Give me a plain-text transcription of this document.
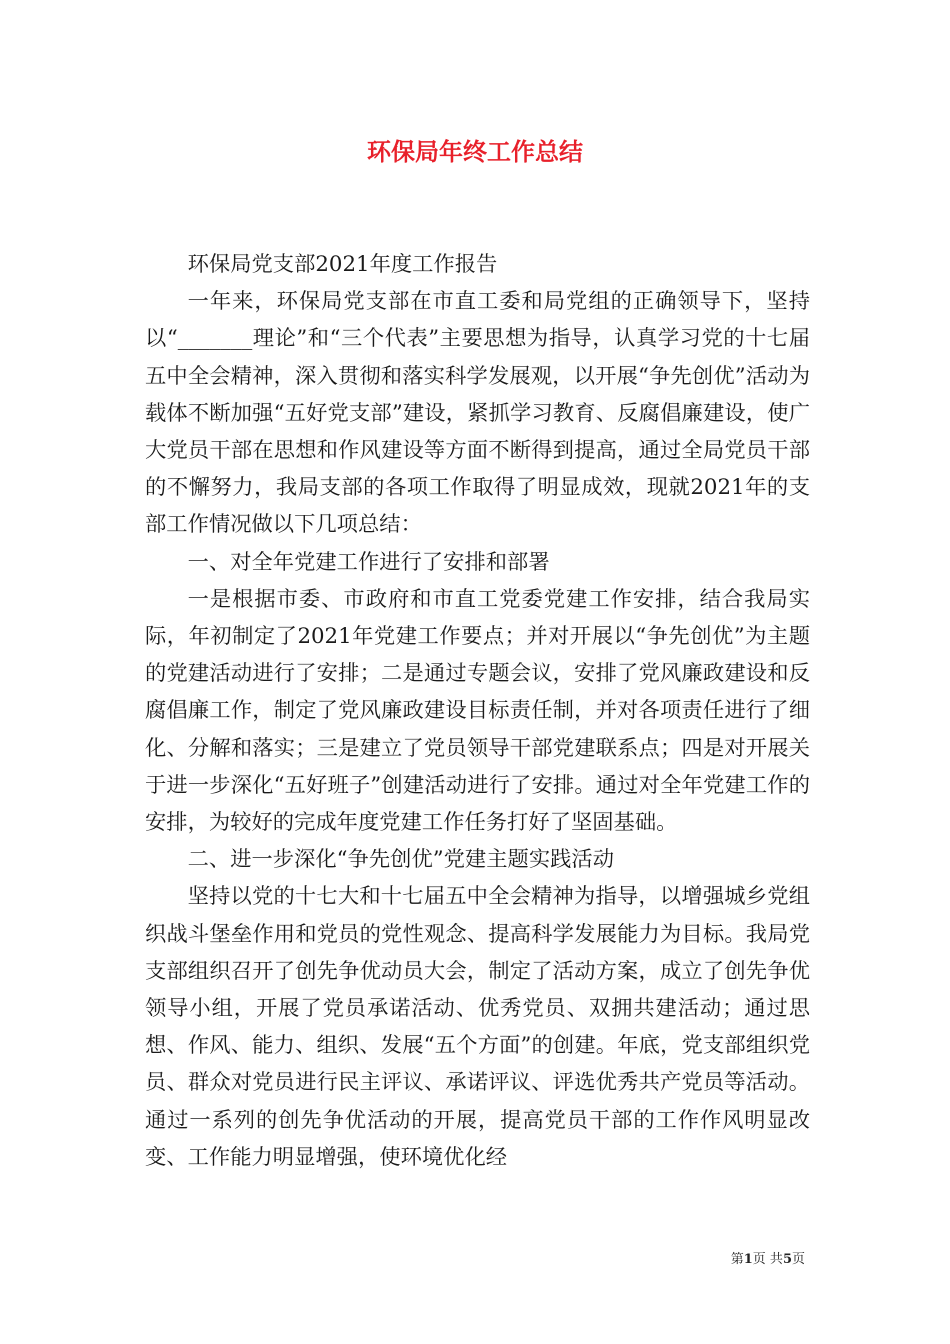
环保局年终工作总结

环保局党支部2021年度工作报告

一年来，环保局党支部在市直工委和局党组的正确领导下，坚持以“_______理论”和“三个代表”主要思想为指导，认真学习党的十七届五中全会精神，深入贯彻和落实科学发展观，以开展“争先创优”活动为载体不断加强“五好党支部”建设，紧抓学习教育、反腐倡廉建设，使广大党员干部在思想和作风建设等方面不断得到提高，通过全局党员干部的不懈努力，我局支部的各项工作取得了明显成效，现就2021年的支部工作情况做以下几项总结：

一、对全年党建工作进行了安排和部署

一是根据市委、市政府和市直工党委党建工作安排，结合我局实际，年初制定了2021年党建工作要点；并对开展以“争先创优”为主题的党建活动进行了安排；二是通过专题会议，安排了党风廉政建设和反腐倡廉工作，制定了党风廉政建设目标责任制，并对各项责任进行了细化、分解和落实；三是建立了党员领导干部党建联系点；四是对开展关于进一步深化“五好班子”创建活动进行了安排。通过对全年党建工作的安排，为较好的完成年度党建工作任务打好了坚固基础。

二、进一步深化“争先创优”党建主题实践活动

坚持以党的十七大和十七届五中全会精神为指导，以增强城乡党组织战斗堡垒作用和党员的党性观念、提高科学发展能力为目标。我局党支部组织召开了创先争优动员大会，制定了活动方案，成立了创先争优领导小组，开展了党员承诺活动、优秀党员、双拥共建活动；通过思想、作风、能力、组织、发展“五个方面”的创建。年底，党支部组织党员、群众对党员进行民主评议、承诺评议、评选优秀共产党员等活动。通过一系列的创先争优活动的开展，提高党员干部的工作作风明显改变、工作能力明显增强，使环境优化经

第1页 共5页
